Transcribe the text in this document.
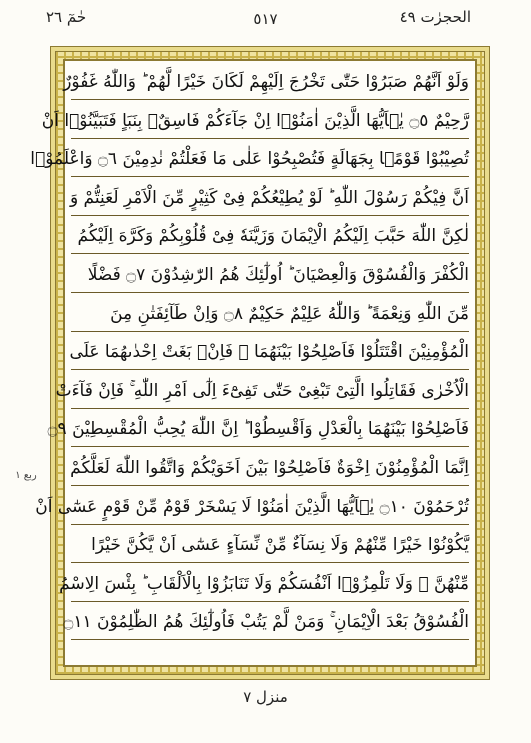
حٰمٓ ٢٦	٥١٧	الحجرٰت ٤٩
وَلَوْ اَنَّهُمْ صَبَرُوْا حَتّٰى تَخْرُجَ اِلَيْهِمْ لَكَانَ خَيْرًا لَّهُمْ ؕ وَاللّٰهُ غَفُوْرٌ
رَّحِيْمٌ ۝٥ يٰۤاَيُّهَا الَّذِيْنَ اٰمَنُوْۤا اِنْ جَآءَكُمْ فَاسِقٌۢ بِنَبَاٍ فَتَبَيَّنُوْۤا اَنْ
تُصِيْبُوْا قَوْمًۢا بِجَهَالَةٍ فَتُصْبِحُوْا عَلٰى مَا فَعَلْتُمْ نٰدِمِيْنَ ۝٦ وَاعْلَمُوْۤا
اَنَّ فِيْكُمْ رَسُوْلَ اللّٰهِ ؕ لَوْ يُطِيْعُكُمْ فِىْ كَثِيْرٍ مِّنَ الْاَمْرِ لَعَنِتُّمْ وَ
لٰكِنَّ اللّٰهَ حَبَّبَ اِلَيْكُمُ الْاِيْمَانَ وَزَيَّنَهٗ فِىْ قُلُوْبِكُمْ وَكَرَّهَ اِلَيْكُمُ
الْكُفْرَ وَالْفُسُوْقَ وَالْعِصْيَانَ ؕ اُولٰٓئِكَ هُمُ الرّٰشِدُوْنَ ۝٧ فَضْلًا
مِّنَ اللّٰهِ وَنِعْمَةً ؕ وَاللّٰهُ عَلِيْمٌ حَكِيْمٌ ۝٨ وَاِنْ طَآئِفَتٰنِ مِنَ
الْمُؤْمِنِيْنَ اقْتَتَلُوْا فَاَصْلِحُوْا بَيْنَهُمَا ۚ فَاِنْۢ بَغَتْ اِحْدٰىهُمَا عَلَى
الْاُخْرٰى فَقَاتِلُوا الَّتِىْ تَبْغِىْ حَتّٰى تَفِىْٓءَ اِلٰٓى اَمْرِ اللّٰهِ ۚ فَاِنْ فَآءَتْ
فَاَصْلِحُوْا بَيْنَهُمَا بِالْعَدْلِ وَاَقْسِطُوْا ؕ اِنَّ اللّٰهَ يُحِبُّ الْمُقْسِطِيْنَ ۝٩
اِنَّمَا الْمُؤْمِنُوْنَ اِخْوَةٌ فَاَصْلِحُوْا بَيْنَ اَخَوَيْكُمْ وَاتَّقُوا اللّٰهَ لَعَلَّكُمْ
تُرْحَمُوْنَ ۝١٠ يٰۤاَيُّهَا الَّذِيْنَ اٰمَنُوْا لَا يَسْخَرْ قَوْمٌ مِّنْ قَوْمٍ عَسٰٓى اَنْ
يَّكُوْنُوْا خَيْرًا مِّنْهُمْ وَلَا نِسَآءٌ مِّنْ نِّسَآءٍ عَسٰٓى اَنْ يَّكُنَّ خَيْرًا
مِّنْهُنَّ ۚ وَلَا تَلْمِزُوْۤا اَنْفُسَكُمْ وَلَا تَنَابَزُوْا بِالْاَلْقَابِ ؕ بِئْسَ الِاسْمُ
الْفُسُوْقُ بَعْدَ الْاِيْمَانِ ۚ وَمَنْ لَّمْ يَتُبْ فَاُولٰٓئِكَ هُمُ الظّٰلِمُوْنَ ۝١١
ربع ١
منزل ٧
